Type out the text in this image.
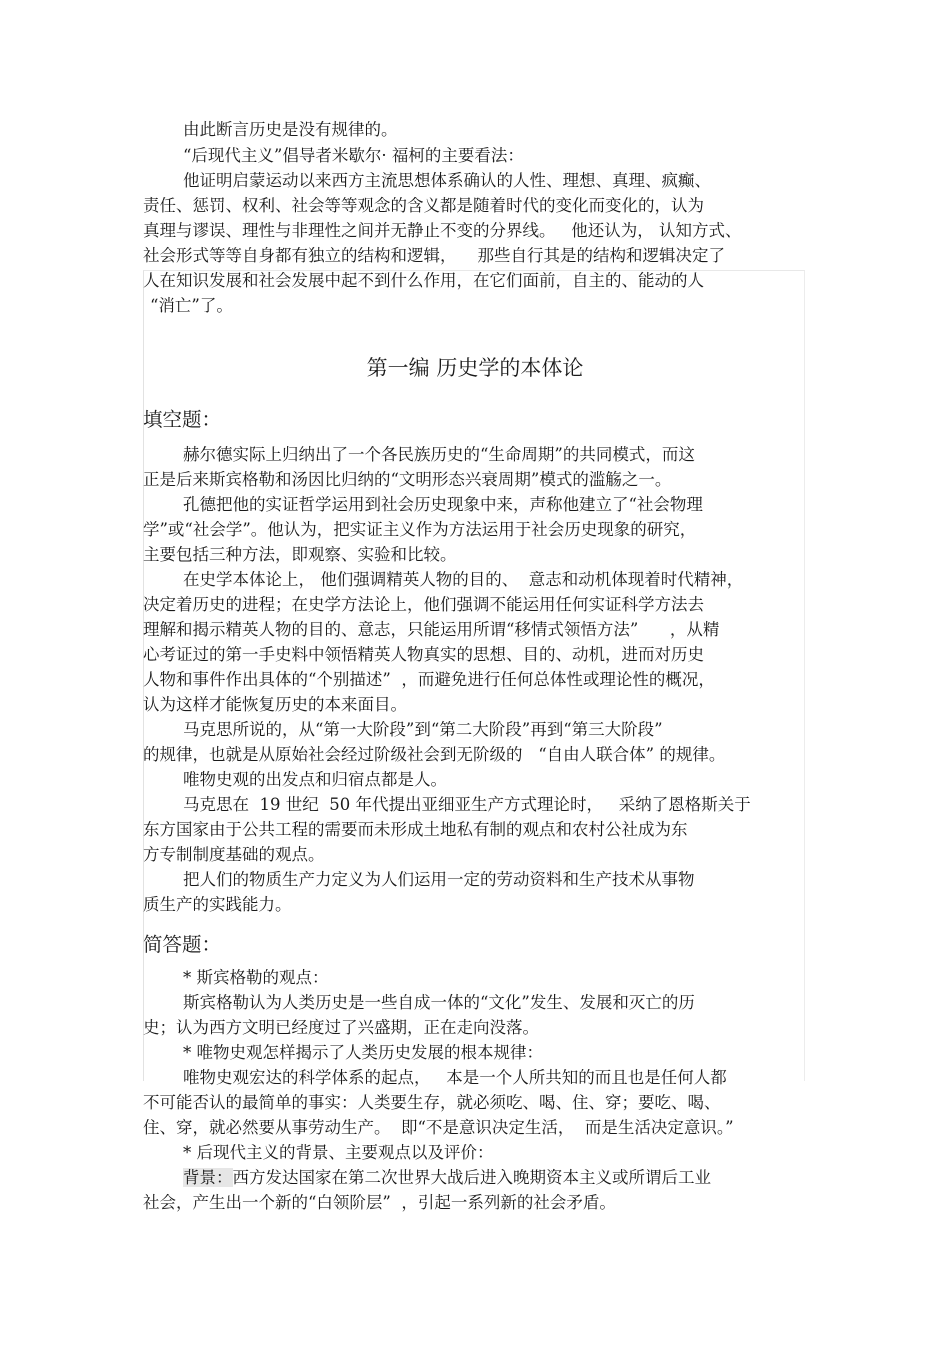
由此断言历史是没有规律的。
“后现代主义”倡导者米歇尔· 福柯的主要看法：
他证明启蒙运动以来西方主流思想体系确认的人性、理想、真理、疯癫、
责任、惩罚、权利、社会等等观念的含义都是随着时代的变化而变化的，认为
真理与谬误、理性与非理性之间并无静止不变的分界线。   他还认为， 认知方式、
社会形式等等自身都有独立的结构和逻辑，    那些自行其是的结构和逻辑决定了
人在知识发展和社会发展中起不到什么作用，在它们面前，自主的、能动的人
“消亡”了。
第一编 历史学的本体论
填空题：
赫尔德实际上归纳出了一个各民族历史的“生命周期”的共同模式，而这
正是后来斯宾格勒和汤因比归纳的“文明形态兴衰周期”模式的滥觞之一。
孔德把他的实证哲学运用到社会历史现象中来，声称他建立了“社会物理
学”或“社会学”。他认为，把实证主义作为方法运用于社会历史现象的研究，
主要包括三种方法，即观察、实验和比较。
在史学本体论上， 他们强调精英人物的目的、  意志和动机体现着时代精神，
决定着历史的进程；在史学方法论上，他们强调不能运用任何实证科学方法去
理解和揭示精英人物的目的、意志，只能运用所谓“移情式领悟方法”      ，从精
心考证过的第一手史料中领悟精英人物真实的思想、目的、动机，进而对历史
人物和事件作出具体的“个别描述”  ，而避免进行任何总体性或理论性的概况，
认为这样才能恢复历史的本来面目。
马克思所说的，从“第一大阶段”到“第二大阶段”再到“第三大阶段”
的规律，也就是从原始社会经过阶级社会到无阶级的   “自由人联合体” 的规律。
唯物史观的出发点和归宿点都是人。
马克思在  19 世纪  50 年代提出亚细亚生产方式理论时，   采纳了恩格斯关于
东方国家由于公共工程的需要而未形成土地私有制的观点和农村公社成为东
方专制制度基础的观点。
把人们的物质生产力定义为人们运用一定的劳动资料和生产技术从事物
质生产的实践能力。
简答题：
* 斯宾格勒的观点：
斯宾格勒认为人类历史是一些自成一体的“文化”发生、发展和灭亡的历
史；认为西方文明已经度过了兴盛期，正在走向没落。
* 唯物史观怎样揭示了人类历史发展的根本规律：
唯物史观宏达的科学体系的起点，   本是一个人所共知的而且也是任何人都
不可能否认的最简单的事实：人类要生存，就必须吃、喝、住、穿；要吃、喝、
住、穿，就必然要从事劳动生产。  即“不是意识决定生活，  而是生活决定意识。”
* 后现代主义的背景、主要观点以及评价：
背景：西方发达国家在第二次世界大战后进入晚期资本主义或所谓后工业
社会，产生出一个新的“白领阶层”  ，引起一系列新的社会矛盾。
